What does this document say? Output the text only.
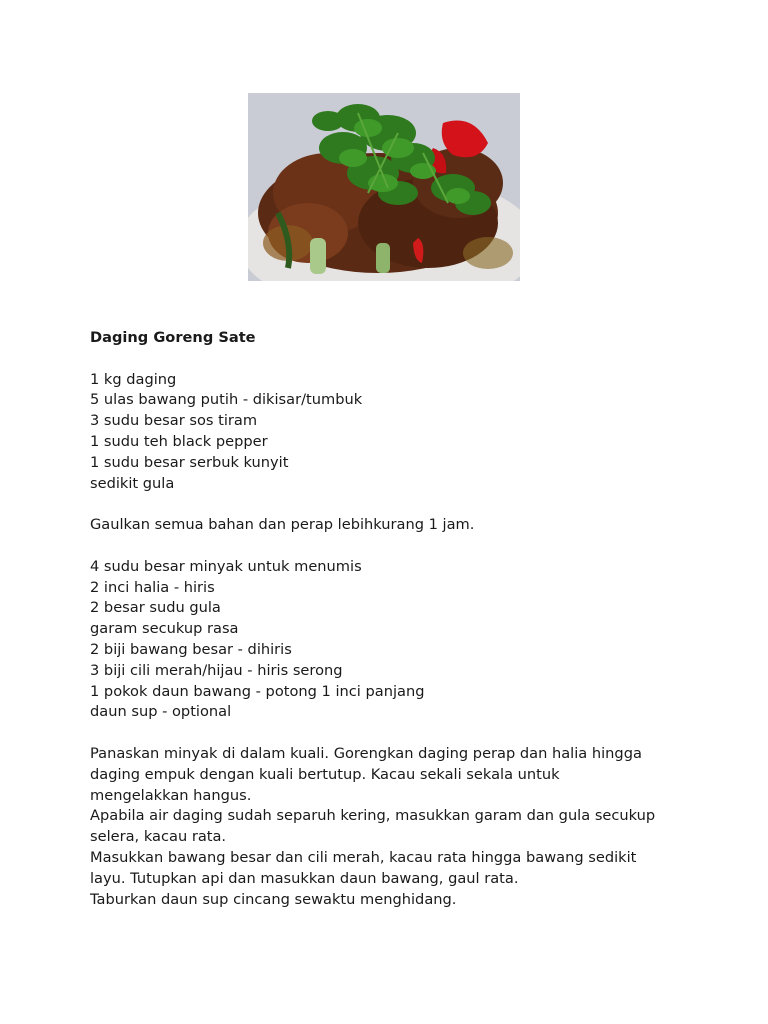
Daging Goreng Sate
1 kg daging
5 ulas bawang putih - dikisar/tumbuk
3 sudu besar sos tiram
1 sudu teh black pepper
1 sudu besar serbuk kunyit
sedikit gula
Gaulkan semua bahan dan perap lebihkurang 1 jam.
4 sudu besar minyak untuk menumis
2 inci halia - hiris
2 besar sudu gula
garam secukup rasa
2 biji bawang besar - dihiris
3 biji cili merah/hijau - hiris serong
1 pokok daun bawang - potong 1 inci panjang
daun sup - optional
Panaskan minyak di dalam kuali. Gorengkan daging perap dan halia hingga
daging empuk dengan kuali bertutup. Kacau sekali sekala untuk
mengelakkan hangus.
Apabila air daging sudah separuh kering, masukkan garam dan gula secukup
selera, kacau rata.
Masukkan bawang besar dan cili merah, kacau rata hingga bawang sedikit
layu. Tutupkan api dan masukkan daun bawang, gaul rata.
Taburkan daun sup cincang sewaktu menghidang.
